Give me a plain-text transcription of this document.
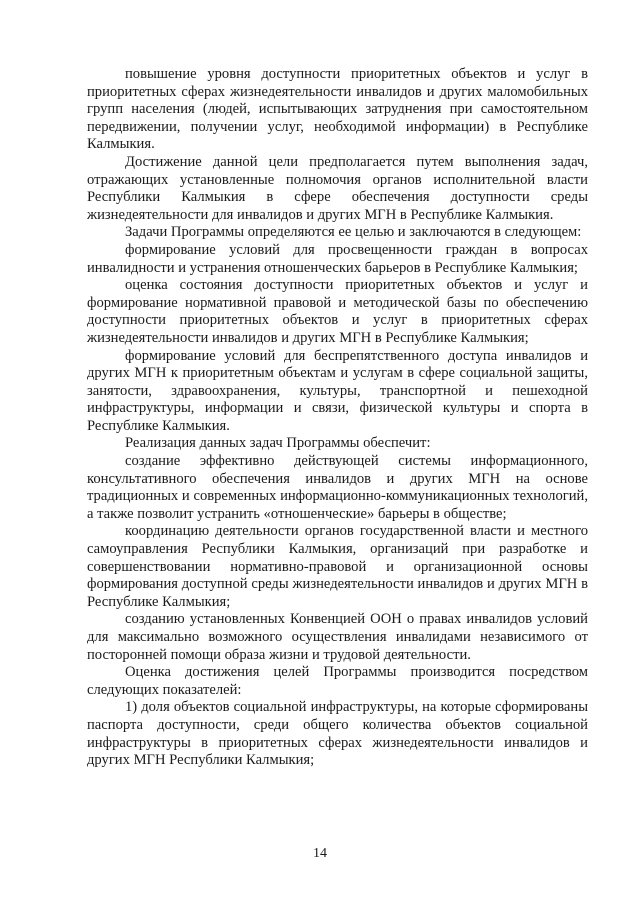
повышение уровня доступности приоритетных объектов и услуг в приоритетных сферах жизнедеятельности инвалидов и других маломобильных групп населения (людей, испытывающих затруднения при самостоятельном передвижении, получении услуг, необходимой информации) в Республике Калмыкия.

Достижение данной цели предполагается путем выполнения задач, отражающих установленные полномочия органов исполнительной власти Республики Калмыкия в сфере обеспечения доступности среды жизнедеятельности для инвалидов и других МГН в Республике Калмыкия.

Задачи Программы определяются ее целью и заключаются в следующем:

формирование условий для просвещенности граждан в вопросах инвалидности и устранения отношенческих барьеров в Республике Калмыкия;

оценка состояния доступности приоритетных объектов и услуг и формирование нормативной правовой и методической базы по обеспечению доступности приоритетных объектов и услуг в приоритетных сферах жизнедеятельности инвалидов и других МГН в Республике Калмыкия;

формирование условий для беспрепятственного доступа инвалидов и других МГН к приоритетным объектам и услугам в сфере социальной защиты, занятости, здравоохранения, культуры, транспортной и пешеходной инфраструктуры, информации и связи, физической культуры и спорта в Республике Калмыкия.

Реализация данных задач Программы обеспечит:

создание эффективно действующей системы информационного, консультативного обеспечения инвалидов и других МГН на основе традиционных и современных информационно-коммуникационных технологий, а также позволит устранить «отношенческие» барьеры в обществе;

координацию деятельности органов государственной власти и местного самоуправления Республики Калмыкия, организаций при разработке и совершенствовании нормативно-правовой и организационной основы формирования доступной среды жизнедеятельности инвалидов и других МГН в Республике Калмыкия;

созданию установленных Конвенцией ООН о правах инвалидов условий для максимально возможного осуществления инвалидами независимого от посторонней помощи образа жизни и трудовой деятельности.

Оценка достижения целей Программы производится посредством следующих показателей:

1) доля объектов социальной инфраструктуры, на которые сформированы паспорта доступности, среди общего количества объектов социальной инфраструктуры в приоритетных сферах жизнедеятельности инвалидов и других МГН Республики Калмыкия;

14
